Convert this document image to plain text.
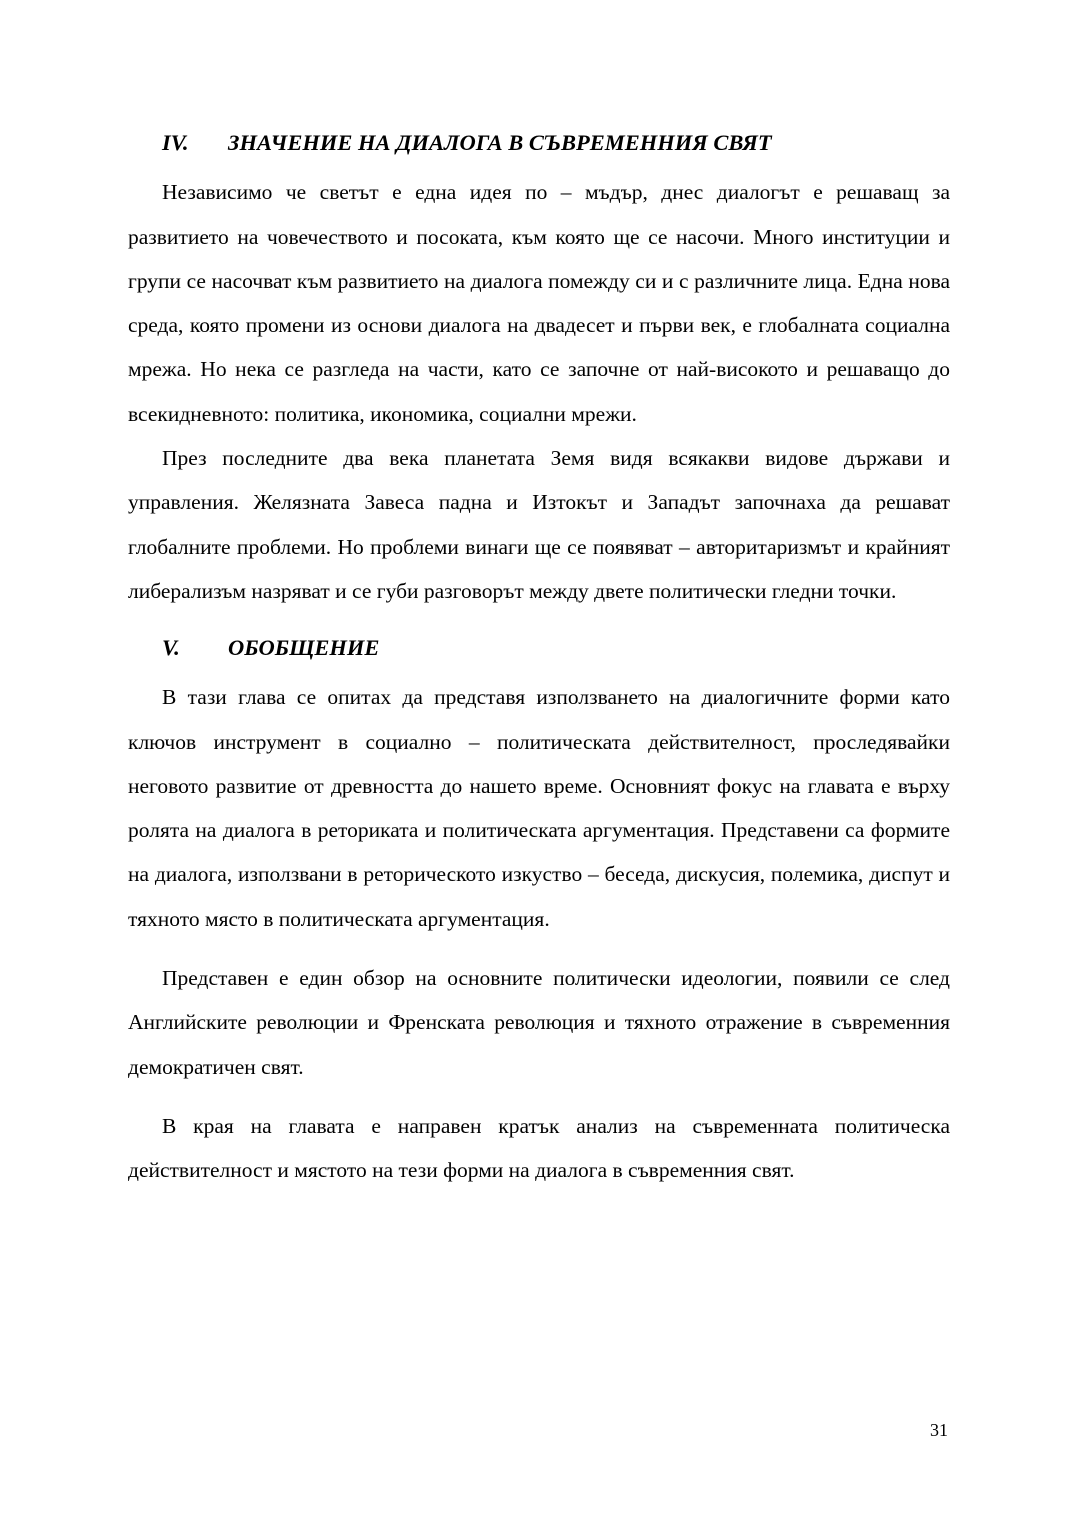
IV.	ЗНАЧЕНИЕ НА ДИАЛОГА В СЪВРЕМЕННИЯ СВЯТ

Независимо че светът е една идея по – мъдър, днес диалогът е решаващ за развитието на човечеството и посоката, към която ще се насочи. Много институции и групи се насочват към развитието на диалога помежду си и с различните лица. Една нова среда, която промени из основи диалога на двадесет и първи век, е глобалната социална мрежа. Но нека се разгледа на части, като се започне от най-високото и решаващо до всекидневното: политика, икономика, социални мрежи.

През последните два века планетата Земя видя всякакви видове държави и управления. Желязната Завеса падна и Изтокът и Западът започнаха да решават глобалните проблеми. Но проблеми винаги ще се появяват – авторитаризмът и крайният либерализъм назряват и се губи разговорът между двете политически гледни точки.

V.	ОБОБЩЕНИЕ

В тази глава се опитах да представя използването на диалогичните форми като ключов инструмент в социално – политическата действителност, проследявайки неговото развитие от древността до нашето време. Основният фокус на главата е върху ролята на диалога в реториката и политическата аргументация. Представени са формите на диалога, използвани в реторическото изкуство – беседа, дискусия, полемика, диспут и тяхното място в политическата аргументация.

Представен е един обзор на основните политически идеологии, появили се след Английските революции и Френската революция и тяхното отражение в съвременния демократичен свят.

В края на главата е направен кратък анализ на съвременната политическа действителност и мястото на тези форми на диалога в съвременния свят.

31
